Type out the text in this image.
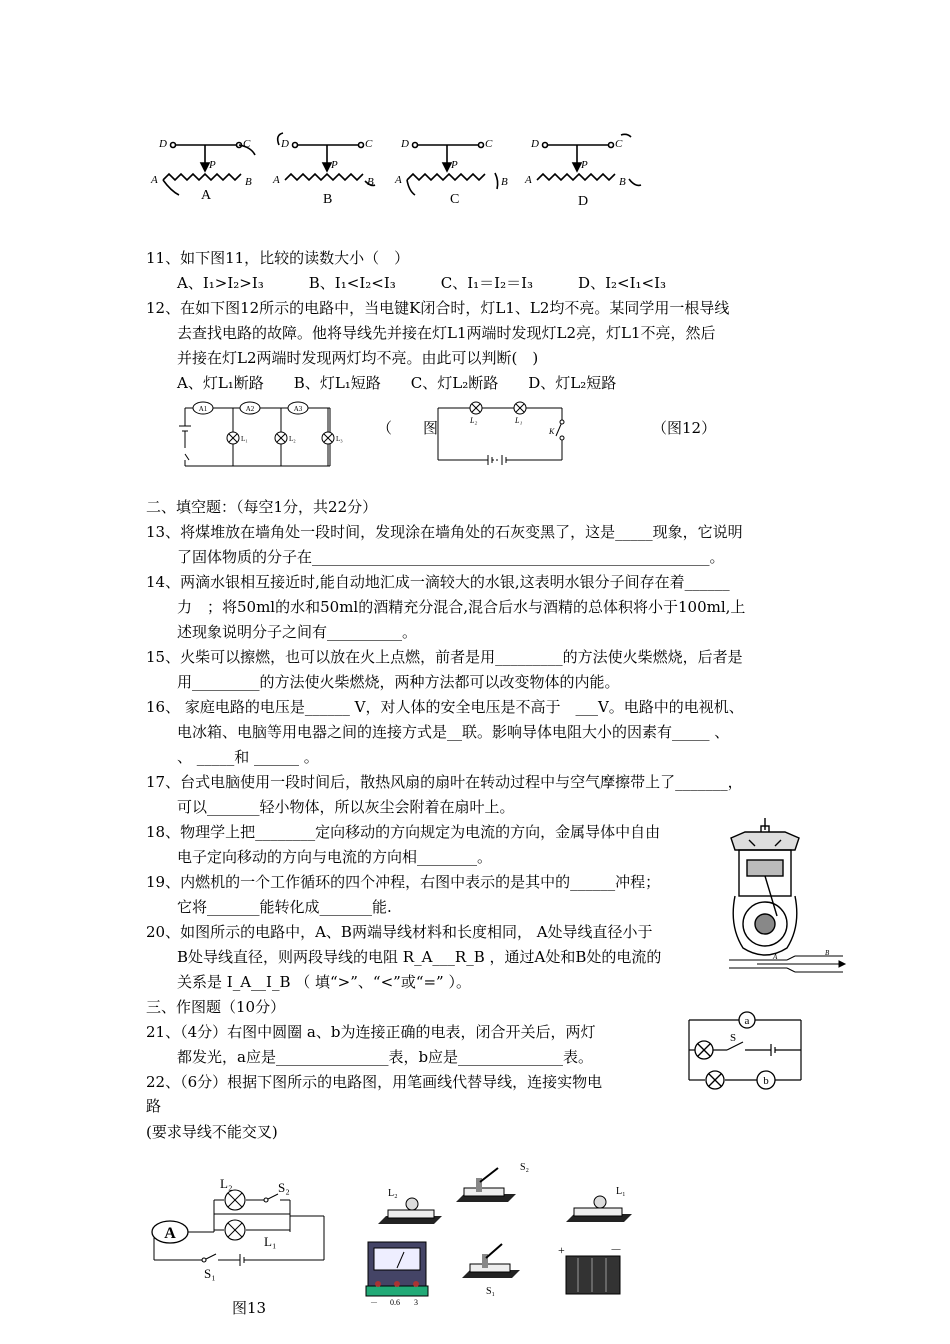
D	C
P
A	B
D	C
P
A	B
D	C
P
A	B
D	C
P
A	B
A	B	C	D
11、如下图11，比较的读数大小（　）
A、I₁>I₂>I₃　　　B、I₁<I₂<I₃　　　C、I₁＝I₂＝I₃　　　D、I₂<I₁<I₃
12、在如下图12所示的电路中，当电键K闭合时，灯L1、L2均不亮。某同学用一根导线
去查找电路的故障。他将导线先并接在灯L1两端时发现灯L2亮，灯L1不亮，然后
并接在灯L2两端时发现两灯均不亮。由此可以判断(　)
A、灯L₁断路　　B、灯L₁短路　　C、灯L₂断路　　D、灯L₂短路
A1	A2	A3
L₁	L₂	L₃
（ 图	L₂	L₁
K	（图12）
二、填空题：（每空1分，共22分）
13、将煤堆放在墙角处一段时间，发现涂在墙角处的石灰变黑了，这是_____现象，它说明
了固体物质的分子在_____________________________________________________。
14、两滴水银相互接近时,能自动地汇成一滴较大的水银,这表明水银分子间存在着______
力　；将50ml的水和50ml的酒精充分混合,混合后水与酒精的总体积将小于100ml,上
述现象说明分子之间有__________。
15、火柴可以擦燃，也可以放在火上点燃，前者是用_________的方法使火柴燃烧，后者是
用_________的方法使火柴燃烧，两种方法都可以改变物体的内能。
16、 家庭电路的电压是______ V，对人体的安全电压是不高于　___V。电路中的电视机、
电冰箱、电脑等用电器之间的连接方式是__联。影响导体电阻大小的因素有_____ 、
、 _____和 ______ 。
17、台式电脑使用一段时间后，散热风扇的扇叶在转动过程中与空气摩擦带上了_______，
可以_______轻小物体，所以灰尘会附着在扇叶上。
18、物理学上把________定向移动的方向规定为电流的方向，金属导体中自由
电子定向移动的方向与电流的方向相________。
19、内燃机的一个工作循环的四个冲程，右图中表示的是其中的______冲程；
它将_______能转化成_______能.
20、如图所示的电路中，A、B两端导线材料和长度相同， A处导线直径小于
B处导线直径，则两段导线的电阻 R_A___R_B ，通过A处和B处的电流的
关系是 I_A__I_B （ 填“>”、“<”或“=” ）。
A	B
三、作图题（10分）
21、（4分）右图中圆圈 a、b为连接正确的电表，闭合开关后，两灯
都发光，a应是_______________表，b应是______________表。
a
b
S
22、（6分）根据下图所示的电路图，用笔画线代替导线，连接实物电
路
(要求导线不能交叉)
L₂	S₂
L₁
S₁
A
图13
S₂
L₂	L₁
－ 0.6 3
S₁
+	－
